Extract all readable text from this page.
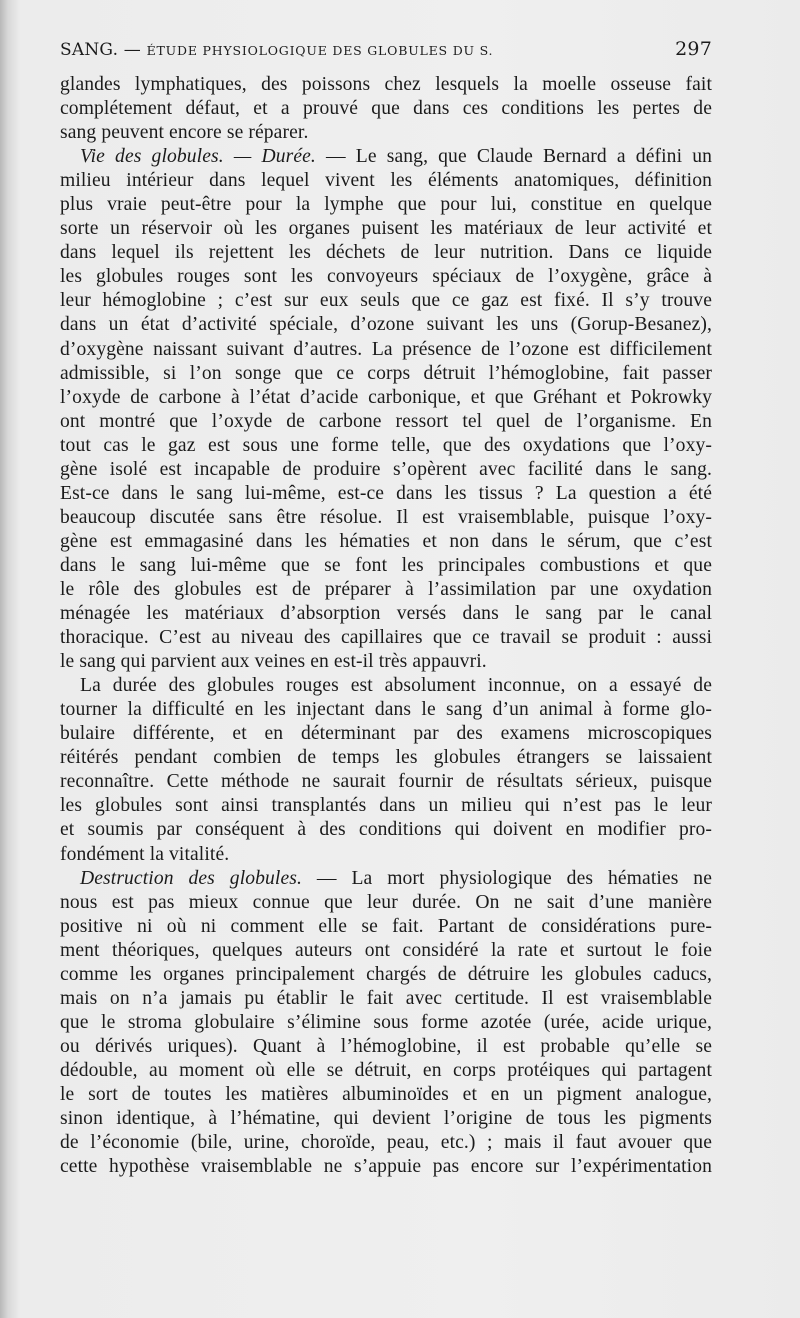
SANG. — ÉTUDE PHYSIOLOGIQUE DES GLOBULES DU S.	297
glandes lymphatiques, des poissons chez lesquels la moelle osseuse fait
complétement défaut, et a prouvé que dans ces conditions les pertes de
sang peuvent encore se réparer.
Vie des globules. — Durée. — Le sang, que Claude Bernard a défini un
milieu intérieur dans lequel vivent les éléments anatomiques, définition
plus vraie peut-être pour la lymphe que pour lui, constitue en quelque
sorte un réservoir où les organes puisent les matériaux de leur activité et
dans lequel ils rejettent les déchets de leur nutrition. Dans ce liquide
les globules rouges sont les convoyeurs spéciaux de l’oxygène, grâce à
leur hémoglobine ; c’est sur eux seuls que ce gaz est fixé. Il s’y trouve
dans un état d’activité spéciale, d’ozone suivant les uns (Gorup-Besanez),
d’oxygène naissant suivant d’autres. La présence de l’ozone est difficilement
admissible, si l’on songe que ce corps détruit l’hémoglobine, fait passer
l’oxyde de carbone à l’état d’acide carbonique, et que Gréhant et Pokrowky
ont montré que l’oxyde de carbone ressort tel quel de l’organisme. En
tout cas le gaz est sous une forme telle, que des oxydations que l’oxy-
gène isolé est incapable de produire s’opèrent avec facilité dans le sang.
Est-ce dans le sang lui-même, est-ce dans les tissus ? La question a été
beaucoup discutée sans être résolue. Il est vraisemblable, puisque l’oxy-
gène est emmagasiné dans les hématies et non dans le sérum, que c’est
dans le sang lui-même que se font les principales combustions et que
le rôle des globules est de préparer à l’assimilation par une oxydation
ménagée les matériaux d’absorption versés dans le sang par le canal
thoracique. C’est au niveau des capillaires que ce travail se produit : aussi
le sang qui parvient aux veines en est-il très appauvri.
La durée des globules rouges est absolument inconnue, on a essayé de
tourner la difficulté en les injectant dans le sang d’un animal à forme glo-
bulaire différente, et en déterminant par des examens microscopiques
réitérés pendant combien de temps les globules étrangers se laissaient
reconnaître. Cette méthode ne saurait fournir de résultats sérieux, puisque
les globules sont ainsi transplantés dans un milieu qui n’est pas le leur
et soumis par conséquent à des conditions qui doivent en modifier pro-
fondément la vitalité.
Destruction des globules. — La mort physiologique des hématies ne
nous est pas mieux connue que leur durée. On ne sait d’une manière
positive ni où ni comment elle se fait. Partant de considérations pure-
ment théoriques, quelques auteurs ont considéré la rate et surtout le foie
comme les organes principalement chargés de détruire les globules caducs,
mais on n’a jamais pu établir le fait avec certitude. Il est vraisemblable
que le stroma globulaire s’élimine sous forme azotée (urée, acide urique,
ou dérivés uriques). Quant à l’hémoglobine, il est probable qu’elle se
dédouble, au moment où elle se détruit, en corps protéiques qui partagent
le sort de toutes les matières albuminoïdes et en un pigment analogue,
sinon identique, à l’hématine, qui devient l’origine de tous les pigments
de l’économie (bile, urine, choroïde, peau, etc.) ; mais il faut avouer que
cette hypothèse vraisemblable ne s’appuie pas encore sur l’expérimentation
